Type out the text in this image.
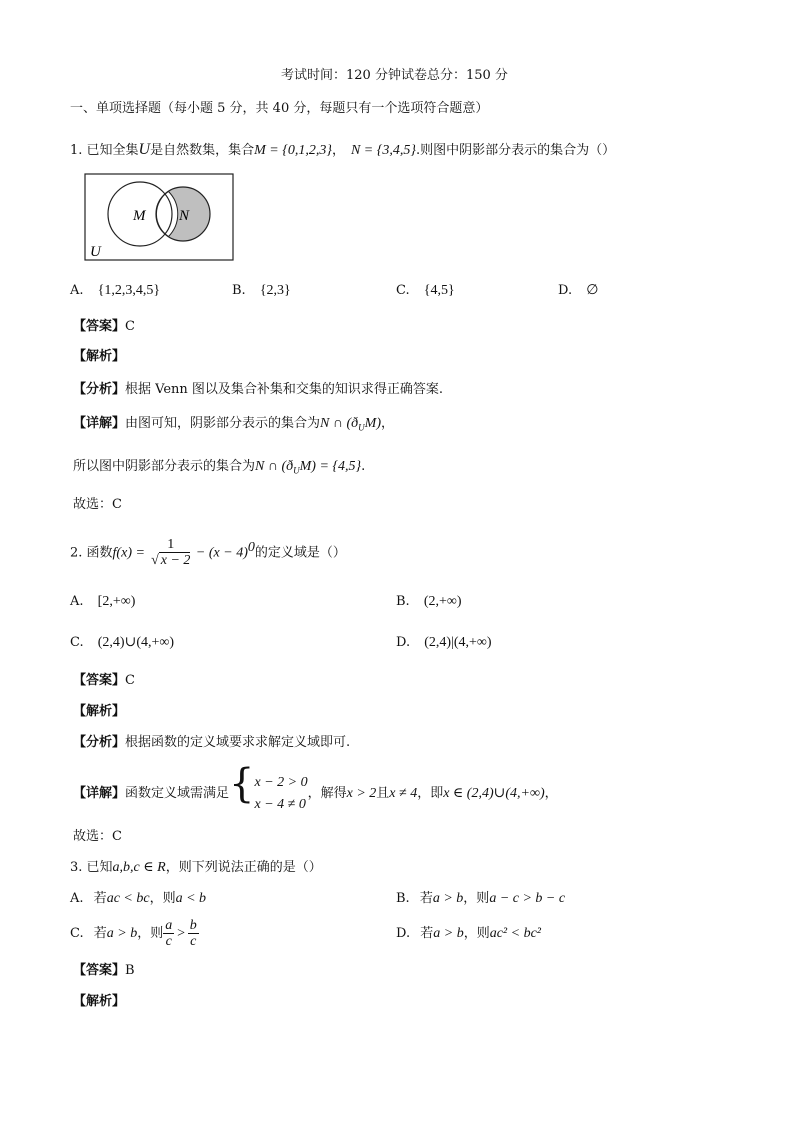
考试时间：120 分钟试卷总分：150 分
一、单项选择题（每小题 5 分，共 40 分，每题只有一个选项符合题意）
1. 已知全集U是自然数集，集合M = {0,1,2,3}， N = {3,4,5}.则图中阴影部分表示的集合为（）
M N
U
A. {1,2,3,4,5}	B. {2,3}	C. {4,5}	D. ∅
【答案】C
【解析】
【分析】根据 Venn 图以及集合补集和交集的知识求得正确答案.
【详解】由图可知，阴影部分表示的集合为N ∩ $(ð_UM)$，
所以图中阴影部分表示的集合为N ∩ $(ð_UM) = \{4,5\}$.
故选：C
2. 函数$f(x) = \frac{1}{√ x - 2} - (x - 4)^0$的定义域是（）
A. [2,+∞)	B. (2,+∞)
C. (2,4)∪(4,+∞)	D. (2,4)|(4,+∞)
【答案】C
【解析】
【分析】根据函数的定义域要求求解定义域即可.
【详解】函数定义域需满足{ x − 2 > 0
x − 4 ≠ 0
，解得x > 2且x ≠ 4，即x ∈ (2,4)∪(4,+∞)，
故选：C
3. 已知a,b,c ∈ R，则下列说法正确的是（）
A. 若ac < bc，则a < b	B. 若a > b，则a − c > b − c
C. 若a > b，则 $\frac{a}{c} > \frac{b}{c}$	D. 若a > b，则ac² < bc²
【答案】B
【解析】
